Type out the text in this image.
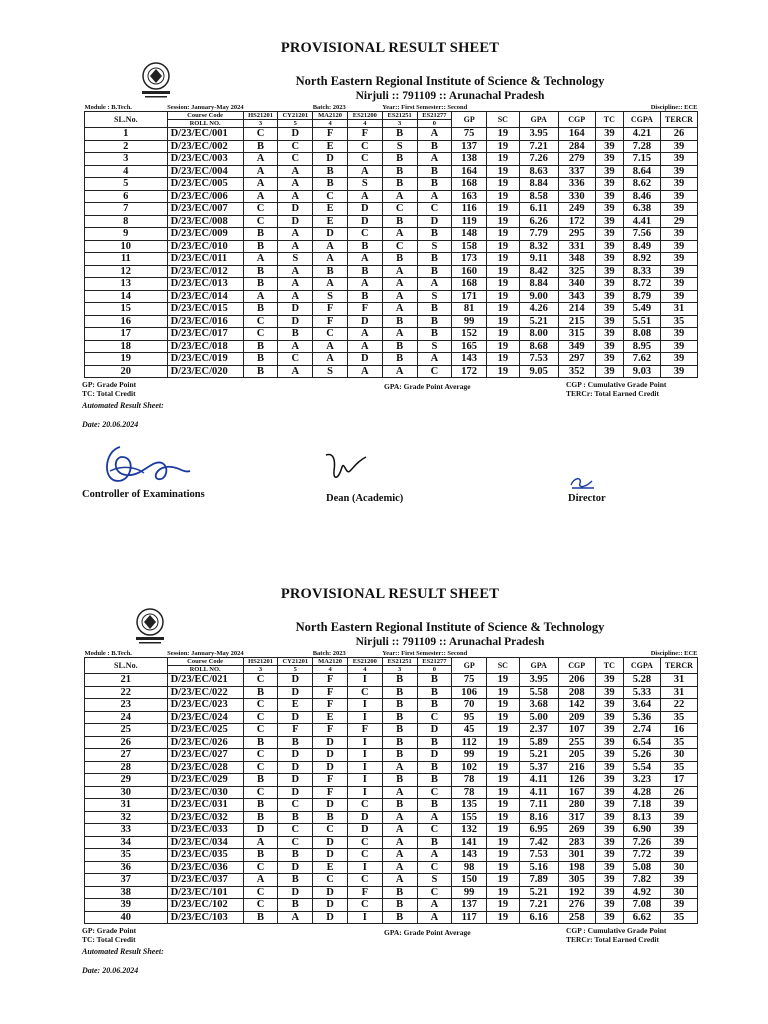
PROVISIONAL RESULT SHEET
North Eastern Regional Institute of Science & Technology
Nirjuli :: 791109 :: Arunachal Pradesh
Module : B.Tech.	Session: January-May 2024			Batch: 2023		Year:: First Semester:: Second				Discipline:: ECE				
SL.No.	Course Code	HS21201	CY21201	MA2120	ES21200	ES21251	ES21277	GP	SC	GPA	CGP	TC	CGPA	TERCR
	ROLL NO.	3	5	4	4	3	0							

1	D/23/EC/001	C	D	F	F	B	A	75	19	3.95	164	39	4.21	26
2	D/23/EC/002	B	C	E	C	S	B	137	19	7.21	284	39	7.28	39
3	D/23/EC/003	A	C	D	C	B	A	138	19	7.26	279	39	7.15	39
4	D/23/EC/004	A	A	B	A	B	B	164	19	8.63	337	39	8.64	39
5	D/23/EC/005	A	A	B	S	B	B	168	19	8.84	336	39	8.62	39
6	D/23/EC/006	A	A	C	A	A	A	163	19	8.58	330	39	8.46	39
7	D/23/EC/007	C	D	E	D	C	C	116	19	6.11	249	39	6.38	39
8	D/23/EC/008	C	D	E	D	B	D	119	19	6.26	172	39	4.41	29
9	D/23/EC/009	B	A	D	C	A	B	148	19	7.79	295	39	7.56	39
10	D/23/EC/010	B	A	A	B	C	S	158	19	8.32	331	39	8.49	39
11	D/23/EC/011	A	S	A	A	B	B	173	19	9.11	348	39	8.92	39
12	D/23/EC/012	B	A	B	B	A	B	160	19	8.42	325	39	8.33	39
13	D/23/EC/013	B	A	A	A	A	A	168	19	8.84	340	39	8.72	39
14	D/23/EC/014	A	A	S	B	A	S	171	19	9.00	343	39	8.79	39
15	D/23/EC/015	B	D	F	F	A	B	81	19	4.26	214	39	5.49	31
16	D/23/EC/016	C	D	F	D	B	B	99	19	5.21	215	39	5.51	35
17	D/23/EC/017	C	B	C	A	A	B	152	19	8.00	315	39	8.08	39
18	D/23/EC/018	B	A	A	A	B	S	165	19	8.68	349	39	8.95	39
19	D/23/EC/019	B	C	A	D	B	A	143	19	7.53	297	39	7.62	39
20	D/23/EC/020	B	A	S	A	A	C	172	19	9.05	352	39	9.03	39
GP: Grade Point
TC: Total Credit
GPA: Grade Point Average	CGP : Cumulative Grade Point
TERCr: Total Earned Credit
Automated Result Sheet:
Date: 20.06.2024
Controller of Examinations	Dean (Academic)	Director
PROVISIONAL RESULT SHEET
North Eastern Regional Institute of Science & Technology
Nirjuli :: 791109 :: Arunachal Pradesh
Module : B.Tech.	Session: January-May 2024			Batch: 2023		Year:: First Semester:: Second				Discipline:: ECE				
SL.No.	Course Code	HS21201	CY21201	MA2120	ES21200	ES21251	ES21277	GP	SC	GPA	CGP	TC	CGPA	TERCR
	ROLL NO.	3	5	4	4	3	0							

21	D/23/EC/021	C	D	F	I	B	B	75	19	3.95	206	39	5.28	31
22	D/23/EC/022	B	D	F	C	B	B	106	19	5.58	208	39	5.33	31
23	D/23/EC/023	C	E	F	I	B	B	70	19	3.68	142	39	3.64	22
24	D/23/EC/024	C	D	E	I	B	C	95	19	5.00	209	39	5.36	35
25	D/23/EC/025	C	F	F	F	B	D	45	19	2.37	107	39	2.74	16
26	D/23/EC/026	B	B	D	I	B	B	112	19	5.89	255	39	6.54	35
27	D/23/EC/027	C	D	D	I	B	D	99	19	5.21	205	39	5.26	30
28	D/23/EC/028	C	D	D	I	A	B	102	19	5.37	216	39	5.54	35
29	D/23/EC/029	B	D	F	I	B	B	78	19	4.11	126	39	3.23	17
30	D/23/EC/030	C	D	F	I	A	C	78	19	4.11	167	39	4.28	26
31	D/23/EC/031	B	C	D	C	B	B	135	19	7.11	280	39	7.18	39
32	D/23/EC/032	B	B	B	D	A	A	155	19	8.16	317	39	8.13	39
33	D/23/EC/033	D	C	C	D	A	C	132	19	6.95	269	39	6.90	39
34	D/23/EC/034	A	C	D	C	A	B	141	19	7.42	283	39	7.26	39
35	D/23/EC/035	B	B	D	C	A	A	143	19	7.53	301	39	7.72	39
36	D/23/EC/036	C	D	E	I	A	C	98	19	5.16	198	39	5.08	30
37	D/23/EC/037	A	B	C	C	A	S	150	19	7.89	305	39	7.82	39
38	D/23/EC/101	C	D	D	F	B	C	99	19	5.21	192	39	4.92	30
39	D/23/EC/102	C	B	D	C	B	A	137	19	7.21	276	39	7.08	39
40	D/23/EC/103	B	A	D	I	B	A	117	19	6.16	258	39	6.62	35
GP: Grade Point
TC: Total Credit
GPA: Grade Point Average	CGP : Cumulative Grade Point
TERCr: Total Earned Credit
Automated Result Sheet:
Date: 20.06.2024
